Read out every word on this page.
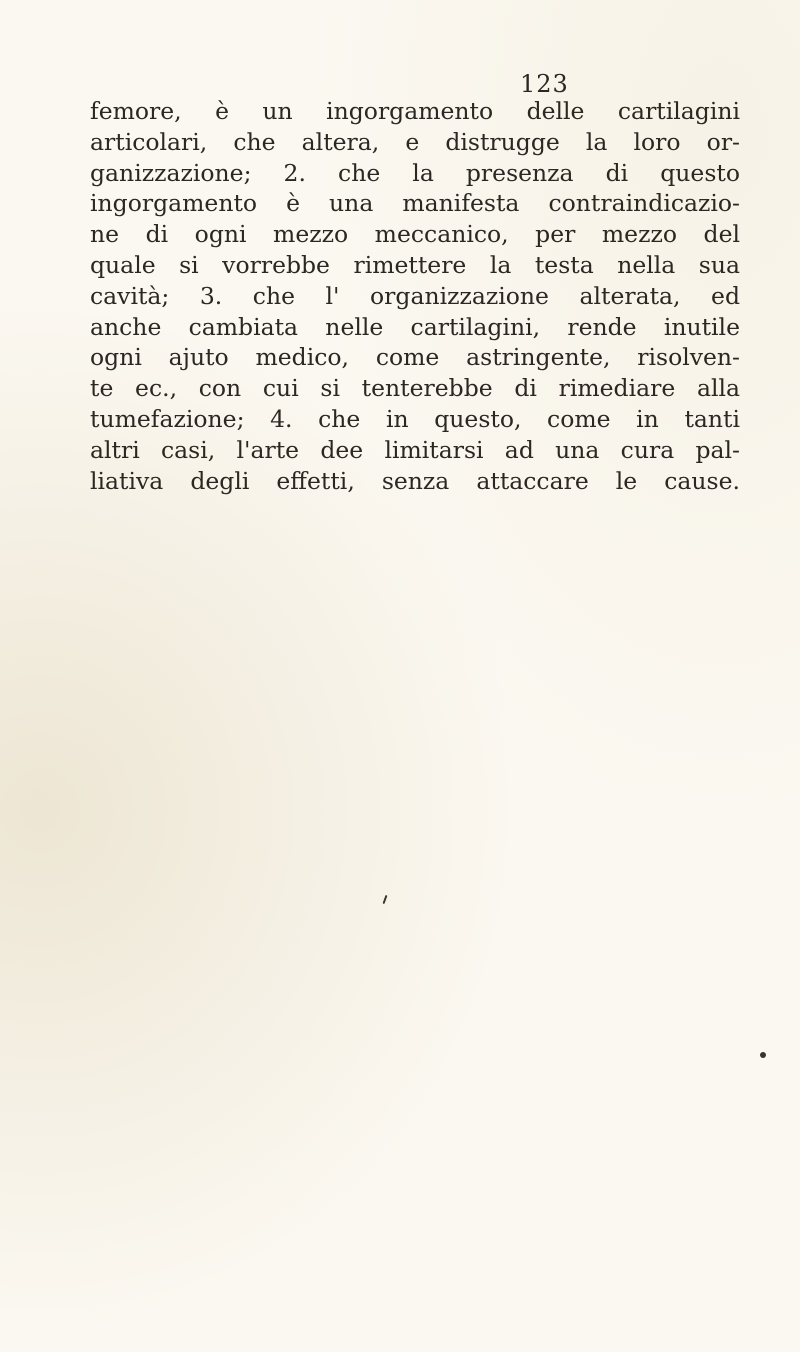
123
femore, è un ingorgamento delle cartilagini
articolari, che altera, e distrugge la loro or-
ganizzazione; 2. che la presenza di questo
ingorgamento è una manifesta contraindicazio-
ne di ogni mezzo meccanico, per mezzo del
quale si vorrebbe rimettere la testa nella sua
cavità; 3. che l' organizzazione alterata, ed
anche cambiata nelle cartilagini, rende inutile
ogni ajuto medico, come astringente, risolven-
te ec., con cui si tenterebbe di rimediare alla
tumefazione; 4. che in questo, come in tanti
altri casi, l'arte dee limitarsi ad una cura pal-
liativa degli effetti, senza attaccare le cause.
